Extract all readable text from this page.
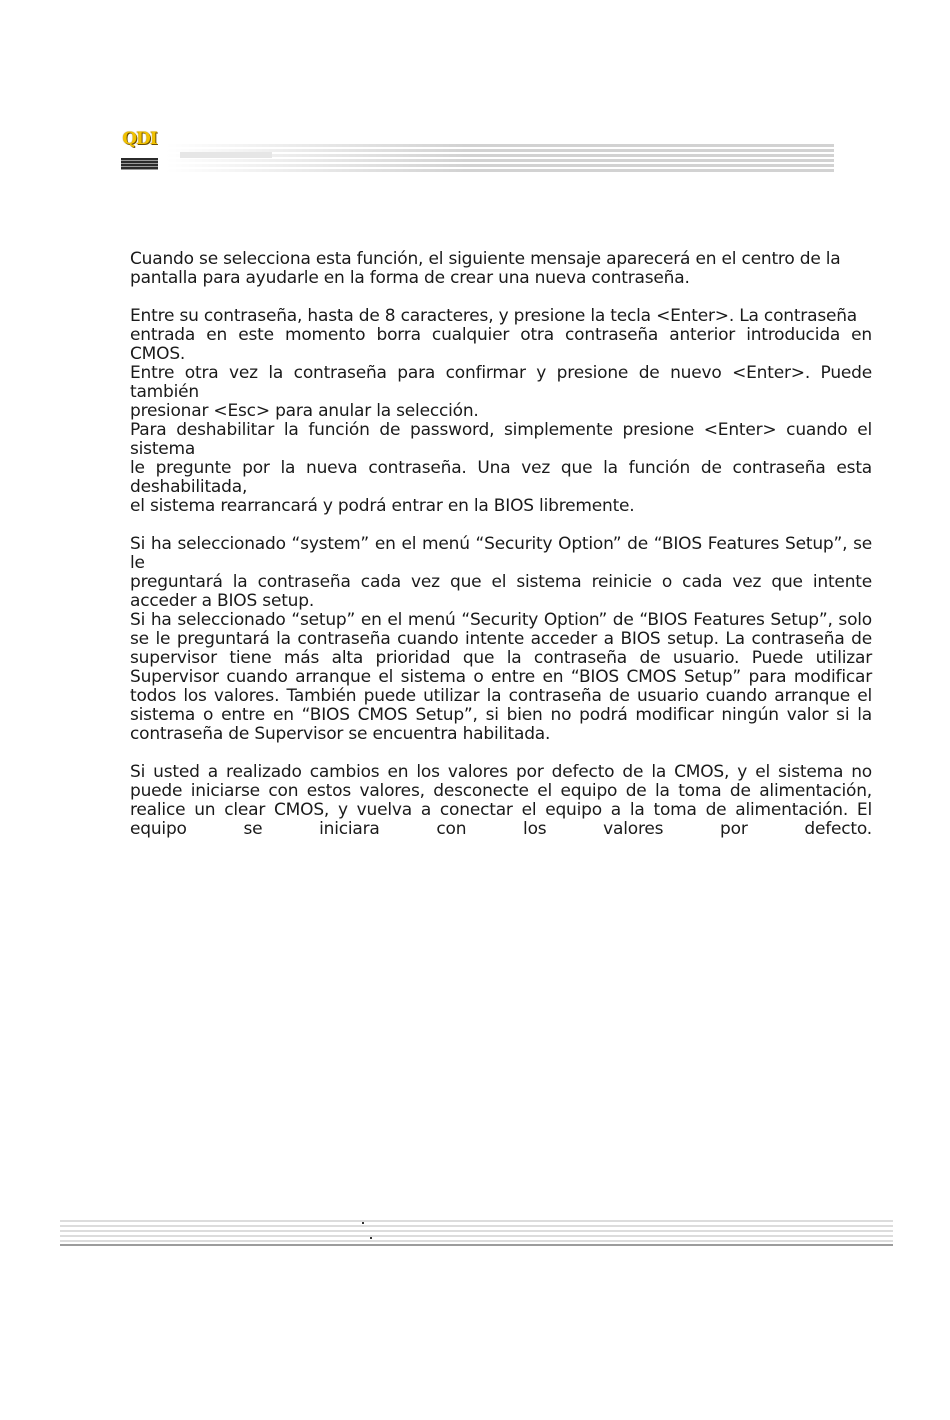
QDI

Cuando se selecciona esta función, el siguiente mensaje aparecerá en el centro de la
pantalla para ayudarle en la forma de crear una nueva contraseña.

Entre su contraseña, hasta de 8 caracteres, y presione la tecla <Enter>. La contraseña
entrada en este momento borra cualquier otra contraseña anterior introducida en CMOS.
Entre otra vez la contraseña para confirmar y presione de nuevo <Enter>. Puede también
presionar <Esc> para anular la selección.
Para deshabilitar la función de password, simplemente presione <Enter> cuando el sistema
le pregunte por la nueva contraseña. Una vez que la función de contraseña esta deshabilitada,
el sistema rearrancará y podrá entrar en la BIOS libremente.

Si ha seleccionado “system” en el menú “Security Option” de “BIOS Features Setup”, se le
preguntará la contraseña cada vez que el sistema reinicie o cada vez que intente acceder a BIOS setup.
Si ha seleccionado “setup” en el menú “Security Option” de “BIOS Features Setup”, solo se le preguntará la contraseña cuando intente acceder a BIOS setup. La contraseña de supervisor tiene más alta prioridad que la contraseña de usuario. Puede utilizar Supervisor cuando arranque el sistema o entre en “BIOS CMOS Setup” para modificar todos los valores. También puede utilizar la contraseña de usuario cuando arranque el sistema o entre en “BIOS CMOS Setup”, si bien no podrá modificar ningún valor si la contraseña de Supervisor se encuentra habilitada.

Si usted a realizado cambios en los valores por defecto de la CMOS, y el sistema no puede iniciarse con estos valores, desconecte el equipo de la toma de alimentación, realice un clear CMOS, y vuelva a conectar el equipo a la toma de alimentación. El equipo se iniciara con los valores por defecto.
